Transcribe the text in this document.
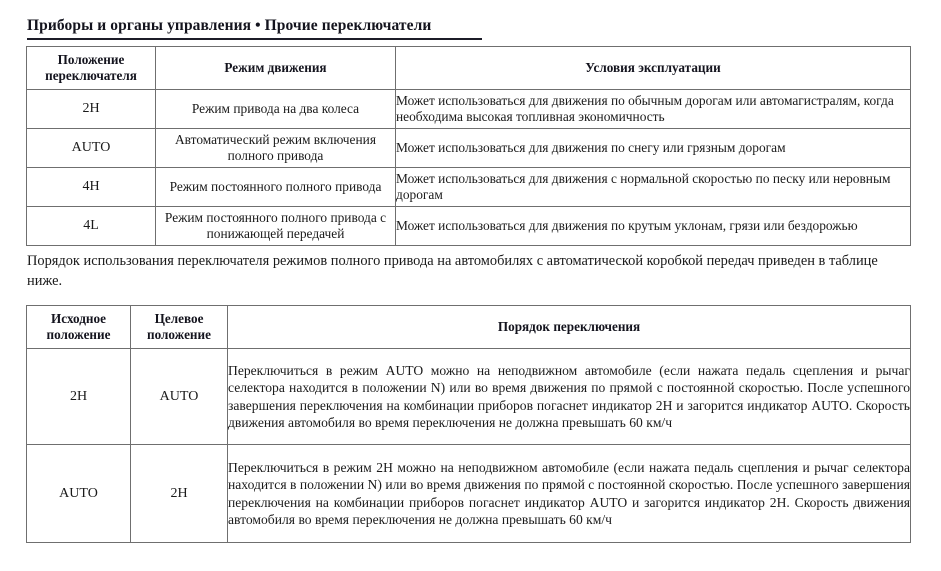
Приборы и органы управления • Прочие переключатели
Положение
переключателя	Режим движения	Условия эксплуатации
2H	Режим привода на два колеса	Может использоваться для движения по обычным дорогам или автомагистралям, когда необходима высокая топливная экономичность
AUTO	Автоматический режим включения полного привода	Может использоваться для движения по снегу или грязным дорогам
4H	Режим постоянного полного привода	Может использоваться для движения с нормальной скоростью по песку или неровным дорогам
4L	Режим постоянного полного привода с понижающей передачей	Может использоваться для движения по крутым уклонам, грязи или бездорожью
Порядок использования переключателя режимов полного привода на автомобилях с автоматической коробкой передач приведен в таблице ниже.
Исходное
положение	Целевое
положение	Порядок переключения
2H	AUTO	Переключиться в режим AUTO можно на неподвижном автомобиле (если нажата педаль сцепления и рычаг селектора находится в положении N) или во время движения по прямой с постоянной скоростью. После успешного завершения переключения на комбинации приборов погаснет индикатор 2H и загорится индикатор AUTO. Скорость движения автомобиля во время переключения не должна превышать 60 км/ч
AUTO	2H	Переключиться в режим 2H можно на неподвижном автомобиле (если нажата педаль сцепления и рычаг селектора находится в положении N) или во время движения по прямой с постоянной скоростью. После успешного завершения переключения на комбинации приборов погаснет индикатор AUTO и загорится индикатор 2H. Скорость движения автомобиля во время переключения не должна превышать 60 км/ч
